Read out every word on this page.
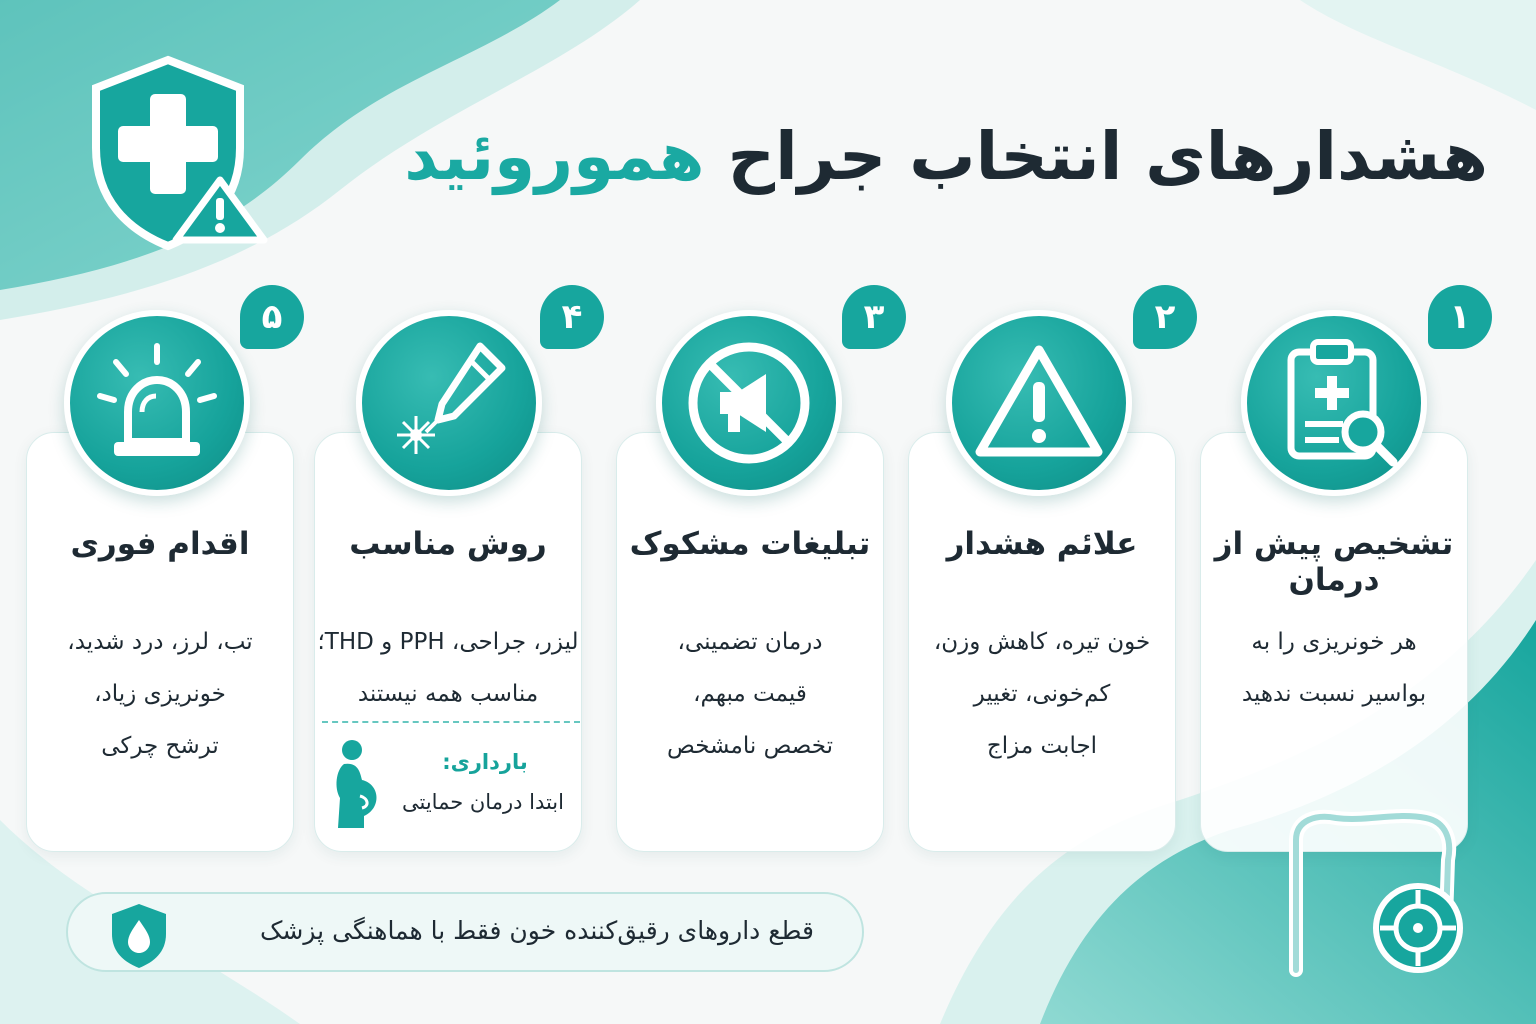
هشدارهای انتخاب جراح هموروئید
۱
تشخیص پیش از درمان
هر خونریزی را به
بواسیر نسبت ندهید
۲
علائم هشدار
خون تیره، کاهش وزن،
کم‌خونی، تغییر
اجابت مزاج
۳
تبلیغات مشکوک
درمان تضمینی،
قیمت مبهم،
تخصص نامشخص
۴
روش مناسب
لیزر، جراحی، PPH و THD؛
مناسب همه نیستند
بارداری:
ابتدا درمان حمایتی
۵
اقدام فوری
تب، لرز، درد شدید،
خونریزی زیاد،
ترشح چرکی
قطع داروهای رقیق‌کننده خون فقط با هماهنگی پزشک
